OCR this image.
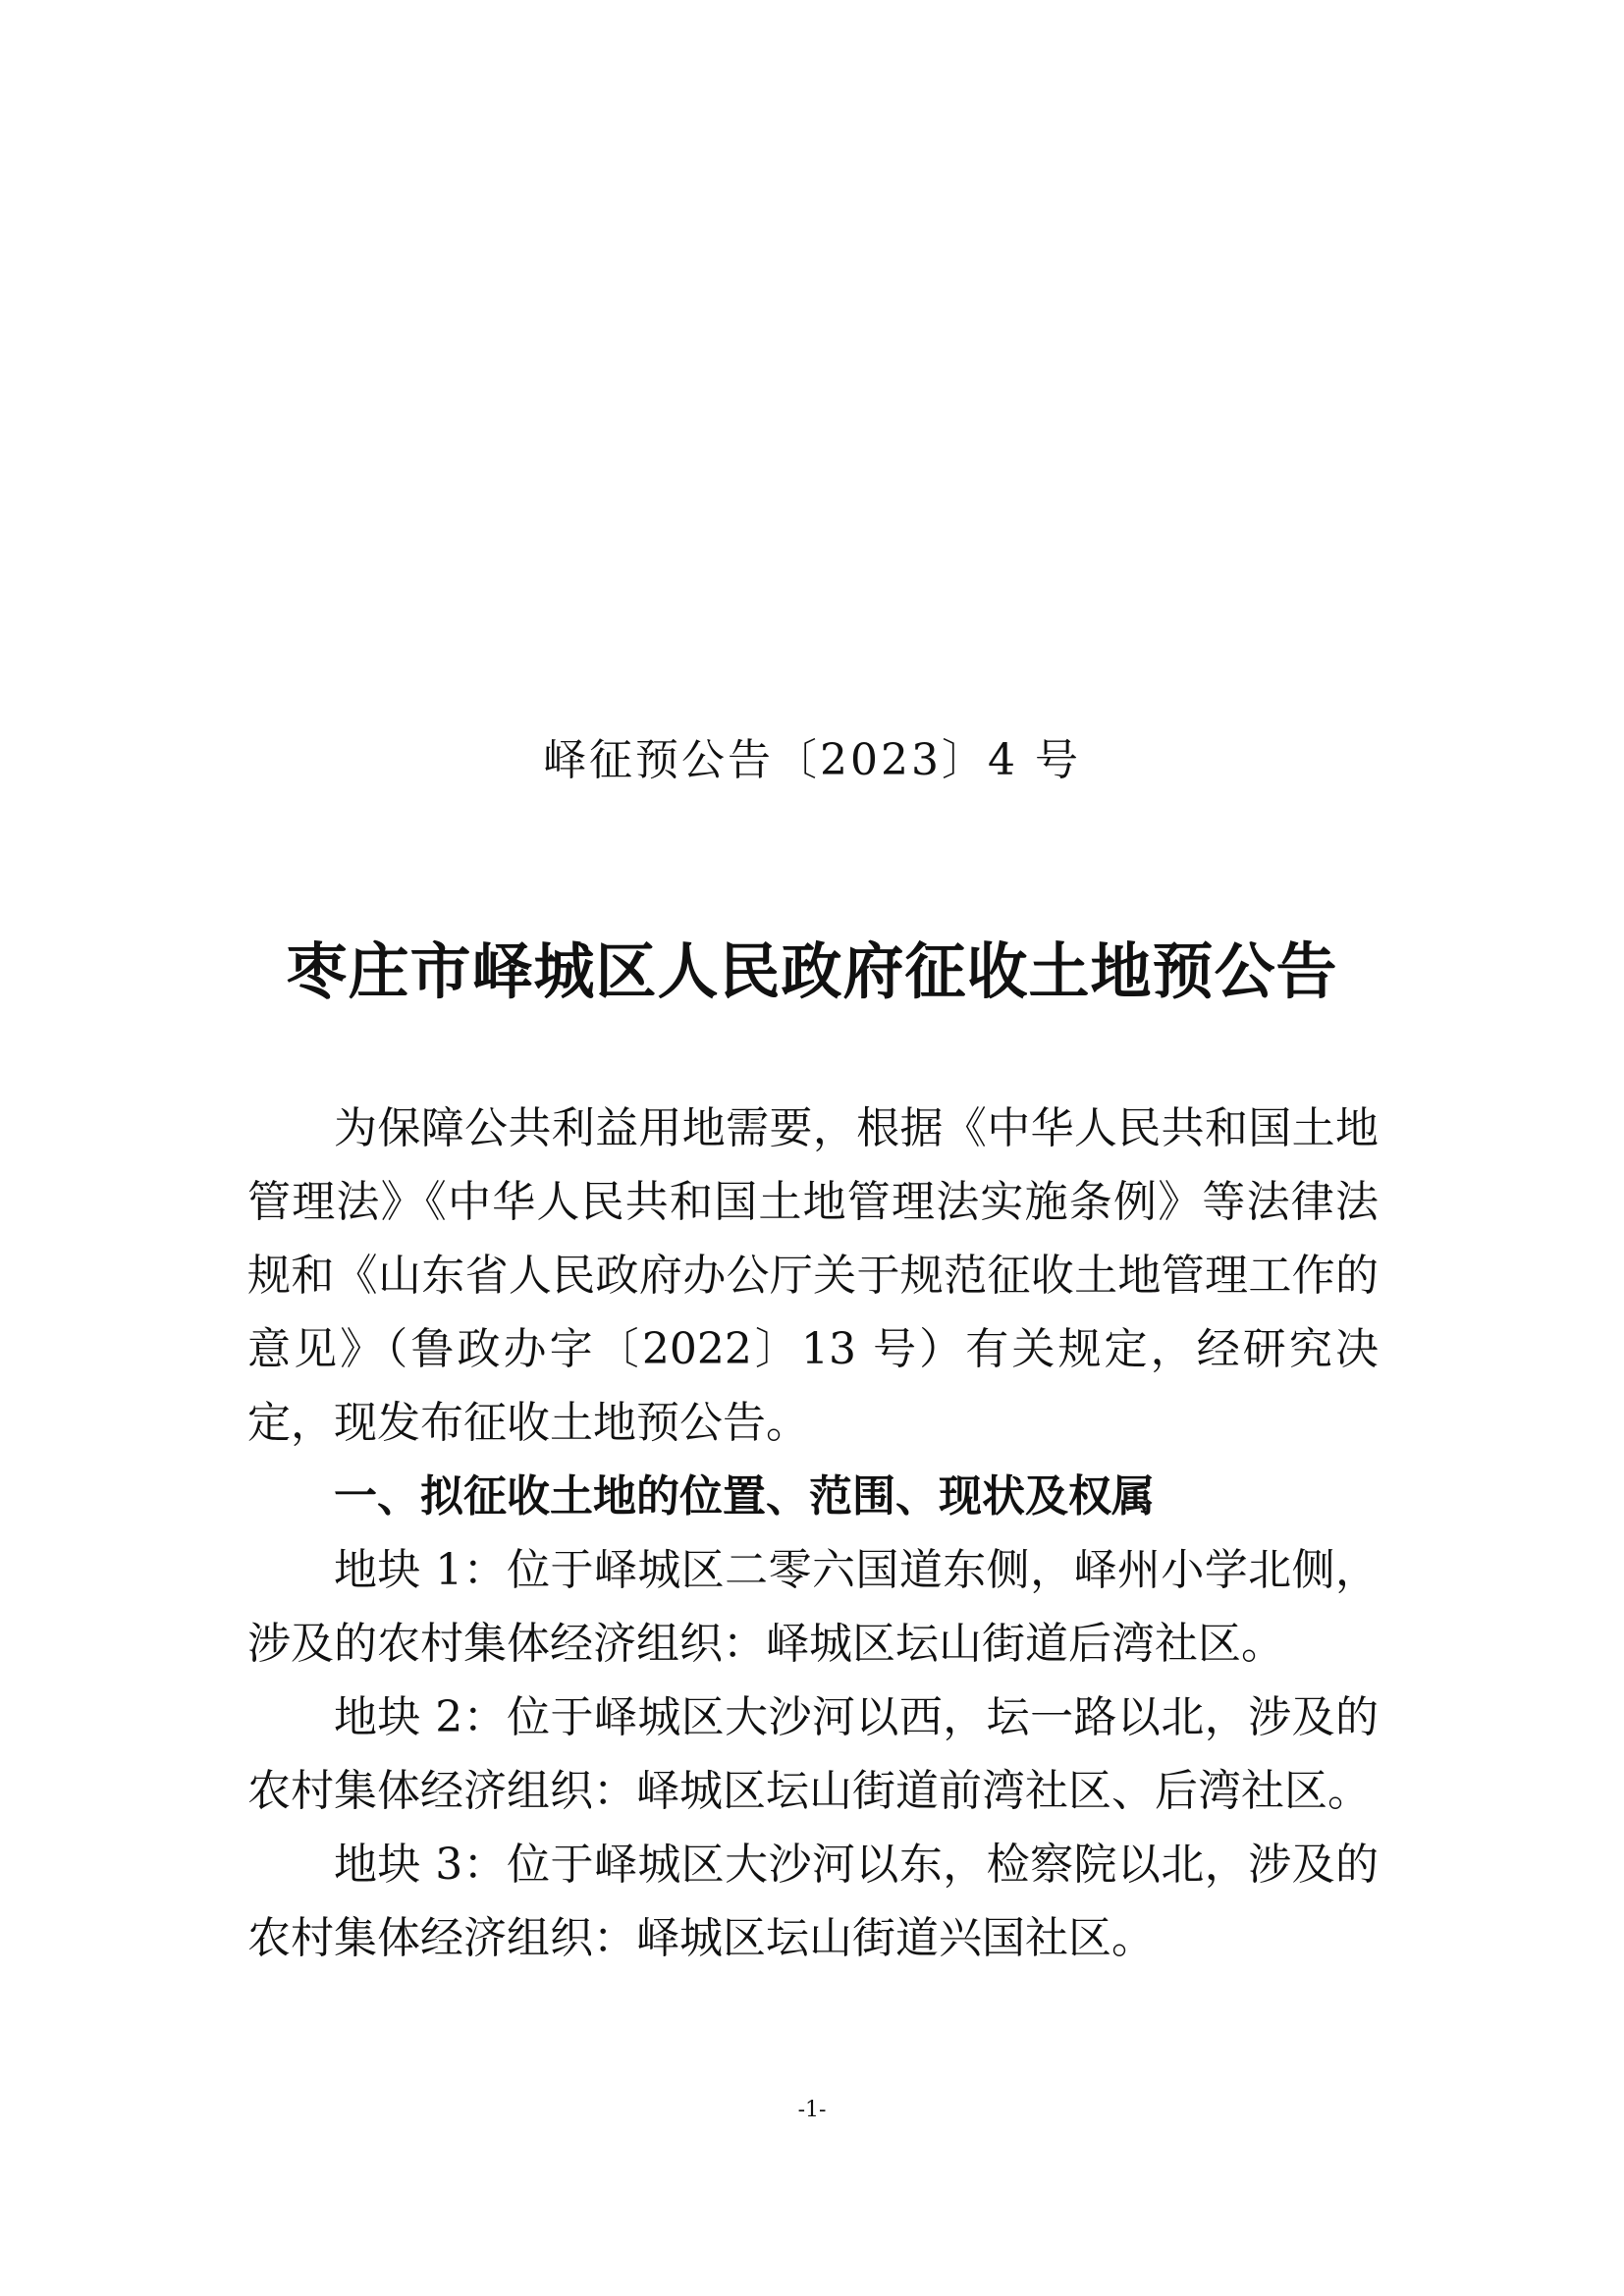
峄征预公告〔2023〕4 号
枣庄市峄城区人民政府征收土地预公告

为保障公共利益用地需要，根据《中华人民共和国土地管理法》《中华人民共和国土地管理法实施条例》等法律法规和《山东省人民政府办公厅关于规范征收土地管理工作的意见》（鲁政办字〔2022〕13 号）有关规定，经研究决定，现发布征收土地预公告。

一、拟征收土地的位置、范围、现状及权属

地块 1：位于峄城区二零六国道东侧，峄州小学北侧，涉及的农村集体经济组织：峄城区坛山街道后湾社区。

地块 2：位于峄城区大沙河以西，坛一路以北，涉及的农村集体经济组织：峄城区坛山街道前湾社区、后湾社区。

地块 3：位于峄城区大沙河以东，检察院以北，涉及的农村集体经济组织：峄城区坛山街道兴国社区。

-1-
